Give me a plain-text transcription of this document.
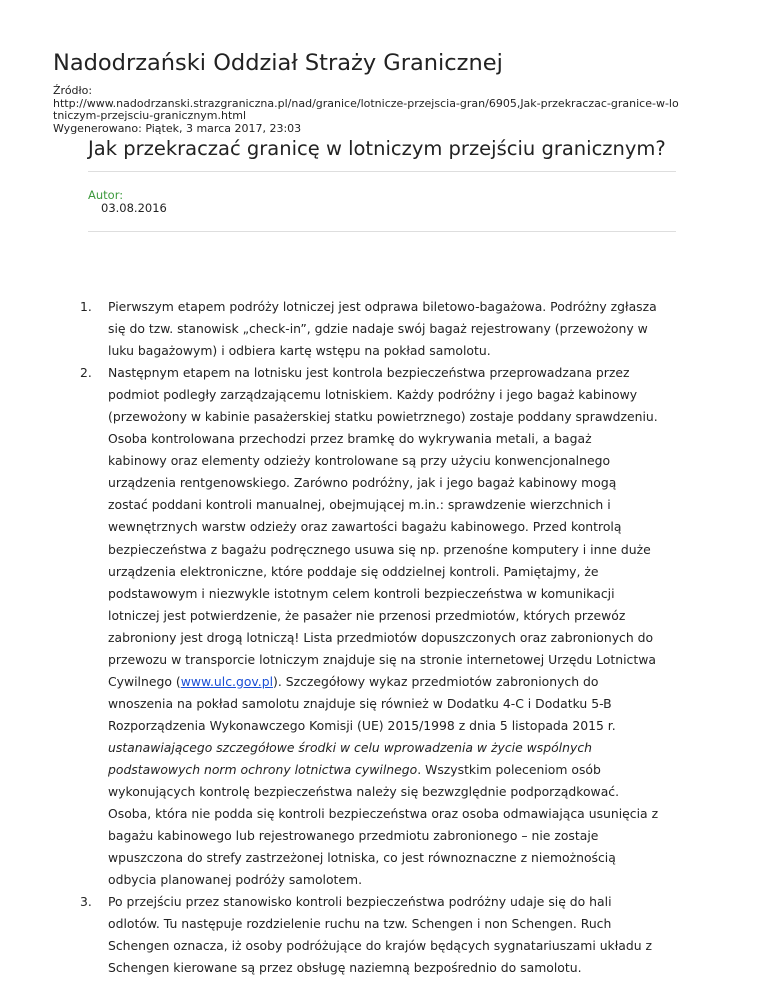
Nadodrzański Oddział Straży Granicznej
Źródło:
http://www.nadodrzanski.strazgraniczna.pl/nad/granice/lotnicze-przejscia-gran/6905,Jak-przekraczac-granice-w-lo
tniczym-przejsciu-granicznym.html
Wygenerowano: Piątek, 3 marca 2017, 23:03
Jak przekraczać granicę w lotniczym przejściu granicznym?
Autor:
03.08.2016
1. Pierwszym etapem podróży lotniczej jest odprawa biletowo-bagażowa. Podróżny zgłasza
się do tzw. stanowisk „check-in”, gdzie nadaje swój bagaż rejestrowany (przewożony w
luku bagażowym) i odbiera kartę wstępu na pokład samolotu.
2. Następnym etapem na lotnisku jest kontrola bezpieczeństwa przeprowadzana przez
podmiot podległy zarządzającemu lotniskiem. Każdy podróżny i jego bagaż kabinowy
(przewożony w kabinie pasażerskiej statku powietrznego) zostaje poddany sprawdzeniu.
Osoba kontrolowana przechodzi przez bramkę do wykrywania metali, a bagaż
kabinowy oraz elementy odzieży kontrolowane są przy użyciu konwencjonalnego
urządzenia rentgenowskiego. Zarówno podróżny, jak i jego bagaż kabinowy mogą
zostać poddani kontroli manualnej, obejmującej m.in.: sprawdzenie wierzchnich i
wewnętrznych warstw odzieży oraz zawartości bagażu kabinowego. Przed kontrolą
bezpieczeństwa z bagażu podręcznego usuwa się np. przenośne komputery i inne duże
urządzenia elektroniczne, które poddaje się oddzielnej kontroli. Pamiętajmy, że
podstawowym i niezwykle istotnym celem kontroli bezpieczeństwa w komunikacji
lotniczej jest potwierdzenie, że pasażer nie przenosi przedmiotów, których przewóz
zabroniony jest drogą lotniczą! Lista przedmiotów dopuszczonych oraz zabronionych do
przewozu w transporcie lotniczym znajduje się na stronie internetowej Urzędu Lotnictwa
Cywilnego (www.ulc.gov.pl). Szczegółowy wykaz przedmiotów zabronionych do
wnoszenia na pokład samolotu znajduje się również w Dodatku 4-C i Dodatku 5-B
Rozporządzenia Wykonawczego Komisji (UE) 2015/1998 z dnia 5 listopada 2015 r.
ustanawiającego szczegółowe środki w celu wprowadzenia w życie wspólnych
podstawowych norm ochrony lotnictwa cywilnego. Wszystkim poleceniom osób
wykonujących kontrolę bezpieczeństwa należy się bezwzględnie podporządkować.
Osoba, która nie podda się kontroli bezpieczeństwa oraz osoba odmawiająca usunięcia z
bagażu kabinowego lub rejestrowanego przedmiotu zabronionego – nie zostaje
wpuszczona do strefy zastrzeżonej lotniska, co jest równoznaczne z niemożnością
odbycia planowanej podróży samolotem.
3. Po przejściu przez stanowisko kontroli bezpieczeństwa podróżny udaje się do hali
odlotów. Tu następuje rozdzielenie ruchu na tzw. Schengen i non Schengen. Ruch
Schengen oznacza, iż osoby podróżujące do krajów będących sygnatariuszami układu z
Schengen kierowane są przez obsługę naziemną bezpośrednio do samolotu.
